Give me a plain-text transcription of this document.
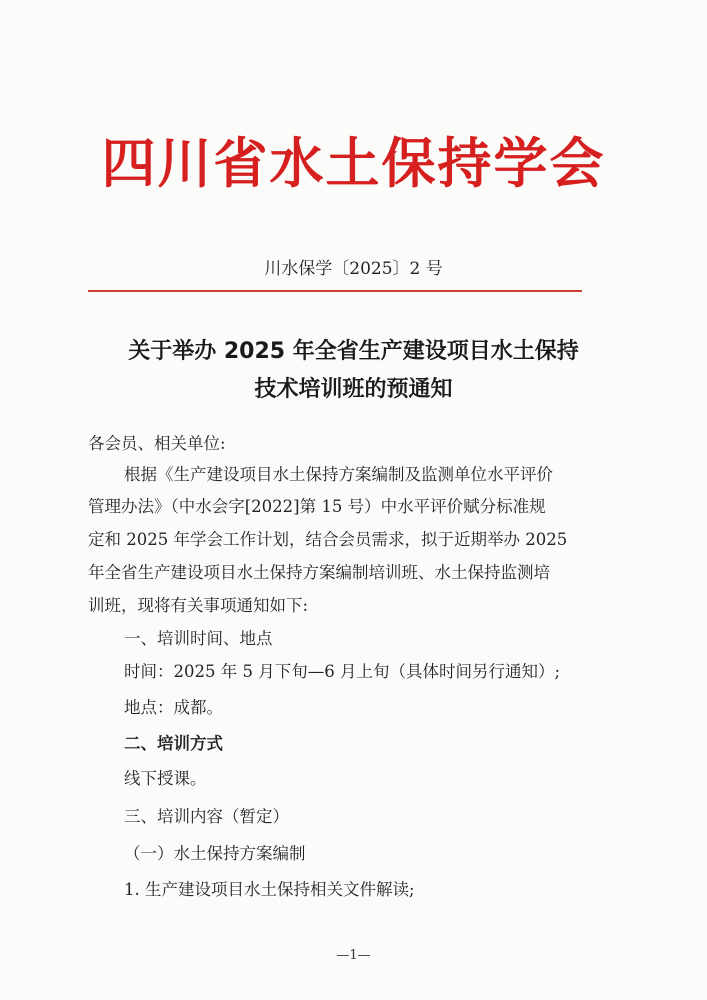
四川省水土保持学会
川水保学〔2025〕2 号
关于举办 2025 年全省生产建设项目水土保持
技术培训班的预通知
各会员、相关单位:
根据《生产建设项目水土保持方案编制及监测单位水平评价
管理办法》（中水会字[2022]第 15 号）中水平评价赋分标准规
定和 2025 年学会工作计划，结合会员需求，拟于近期举办 2025
年全省生产建设项目水土保持方案编制培训班、水土保持监测培
训班，现将有关事项通知如下:
一、培训时间、地点
时间：2025 年 5 月下旬—6 月上旬（具体时间另行通知）;
地点：成都。
二、培训方式
线下授课。
三、培训内容（暂定）
（一）水土保持方案编制
1. 生产建设项目水土保持相关文件解读;
—1—
